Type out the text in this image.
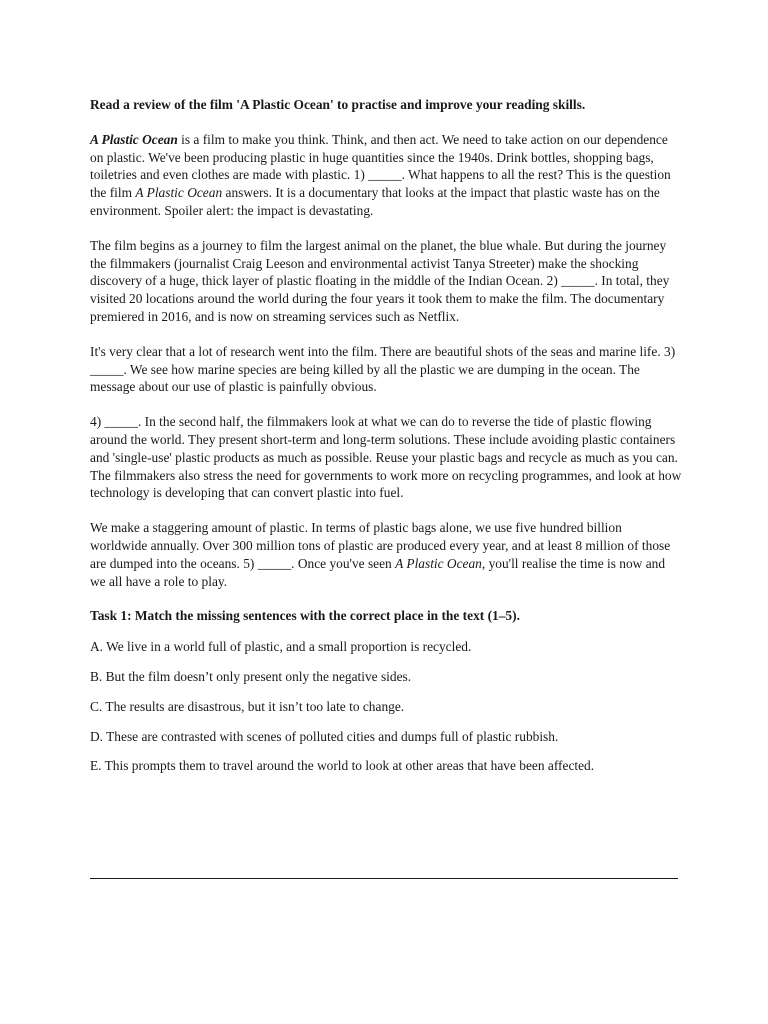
Read a review of the film 'A Plastic Ocean' to practise and improve your reading skills.

A Plastic Ocean is a film to make you think. Think, and then act. We need to take action on our dependence on plastic. We've been producing plastic in huge quantities since the 1940s. Drink bottles, shopping bags, toiletries and even clothes are made with plastic. 1) _____. What happens to all the rest? This is the question the film A Plastic Ocean answers. It is a documentary that looks at the impact that plastic waste has on the environment. Spoiler alert: the impact is devastating.

The film begins as a journey to film the largest animal on the planet, the blue whale. But during the journey the filmmakers (journalist Craig Leeson and environmental activist Tanya Streeter) make the shocking discovery of a huge, thick layer of plastic floating in the middle of the Indian Ocean. 2) _____. In total, they visited 20 locations around the world during the four years it took them to make the film. The documentary premiered in 2016, and is now on streaming services such as Netflix.

It's very clear that a lot of research went into the film. There are beautiful shots of the seas and marine life. 3) _____. We see how marine species are being killed by all the plastic we are dumping in the ocean. The message about our use of plastic is painfully obvious.

4) _____. In the second half, the filmmakers look at what we can do to reverse the tide of plastic flowing around the world. They present short-term and long-term solutions. These include avoiding plastic containers and 'single-use' plastic products as much as possible. Reuse your plastic bags and recycle as much as you can. The filmmakers also stress the need for governments to work more on recycling programmes, and look at how technology is developing that can convert plastic into fuel.

We make a staggering amount of plastic. In terms of plastic bags alone, we use five hundred billion worldwide annually. Over 300 million tons of plastic are produced every year, and at least 8 million of those are dumped into the oceans. 5) _____. Once you've seen A Plastic Ocean, you'll realise the time is now and we all have a role to play.

Task 1: Match the missing sentences with the correct place in the text (1–5).

A. We live in a world full of plastic, and a small proportion is recycled.

B. But the film doesn’t only present only the negative sides.

C. The results are disastrous, but it isn’t too late to change.

D. These are contrasted with scenes of polluted cities and dumps full of plastic rubbish.

E. This prompts them to travel around the world to look at other areas that have been affected.
